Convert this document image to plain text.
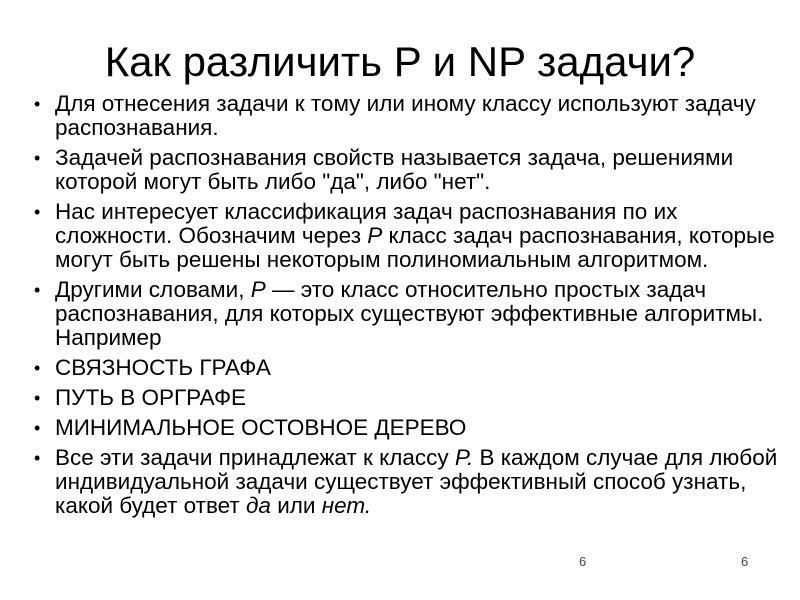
Как различить P и NP задачи?
• Для отнесения задачи к тому или иному классу используют задачу распознавания.
• Задачей распознавания свойств называется задача, решениями которой могут быть либо "да", либо "нет".
• Нас интересует классификация задач распознавания по их сложности. Обозначим через P класс задач распознавания, которые могут быть решены некоторым полиномиальным алгоритмом.
• Другими словами, P — это класс относительно простых задач распознавания, для которых существуют эффективные алгоритмы. Например
• СВЯЗНОСТЬ ГРАФА
• ПУТЬ В ОРГРАФЕ
• МИНИМАЛЬНОЕ ОСТОВНОЕ ДЕРЕВО
• Все эти задачи принадлежат к классу P. В каждом случае для любой индивидуальной задачи существует эффективный способ узнать, какой будет ответ да или нет.
6	6
